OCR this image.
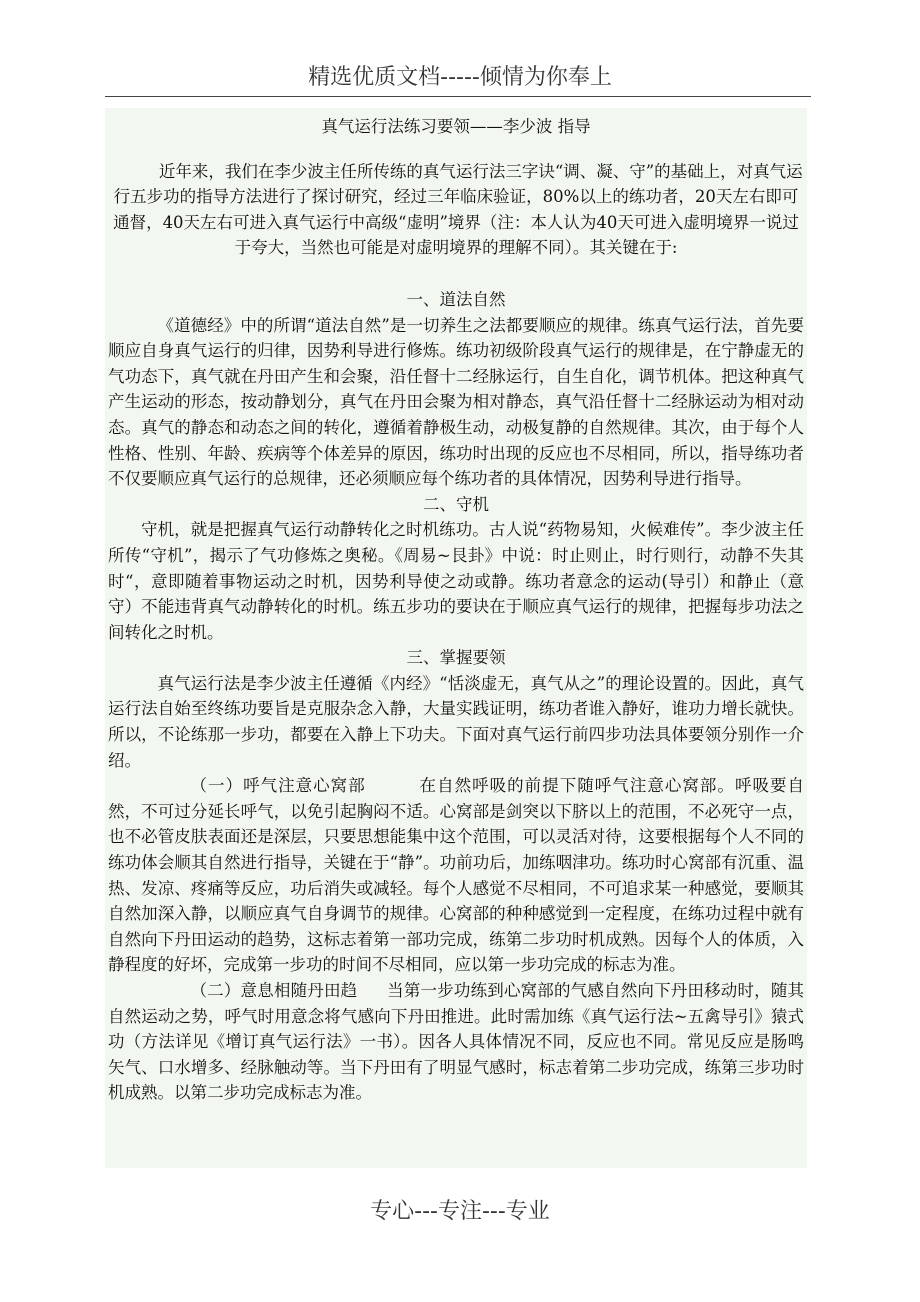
精选优质文档-----倾情为你奉上

真气运行法练习要领——李少波 指导

近年来，我们在李少波主任所传练的真气运行法三字诀“调、凝、守”的基础上，对真气运行五步功的指导方法进行了探讨研究，经过三年临床验证，80%以上的练功者，20天左右即可通督，40天左右可进入真气运行中高级“虚明”境界（注：本人认为40天可进入虚明境界一说过于夸大，当然也可能是对虚明境界的理解不同）。其关键在于:

一、道法自然

《道德经》中的所谓“道法自然”是一切养生之法都要顺应的规律。练真气运行法，首先要顺应自身真气运行的归律，因势利导进行修炼。练功初级阶段真气运行的规律是，在宁静虚无的气功态下，真气就在丹田产生和会聚，沿任督十二经脉运行，自生自化，调节机体。把这种真气产生运动的形态，按动静划分，真气在丹田会聚为相对静态，真气沿任督十二经脉运动为相对动态。真气的静态和动态之间的转化，遵循着静极生动，动极复静的自然规律。其次，由于每个人性格、性别、年龄、疾病等个体差异的原因，练功时出现的反应也不尽相同，所以，指导练功者不仅要顺应真气运行的总规律，还必须顺应每个练功者的具体情况，因势利导进行指导。

二、守机

守机，就是把握真气运行动静转化之时机练功。古人说“药物易知，火候难传”。李少波主任所传“守机”，揭示了气功修炼之奥秘。《周易~艮卦》中说：时止则止，时行则行，动静不失其时“，意即随着事物运动之时机，因势利导使之动或静。练功者意念的运动(导引）和静止（意守）不能违背真气动静转化的时机。练五步功的要诀在于顺应真气运行的规律，把握每步功法之间转化之时机。

三、掌握要领

真气运行法是李少波主任遵循《内经》“恬淡虚无，真气从之”的理论设置的。因此，真气运行法自始至终练功要旨是克服杂念入静，大量实践证明，练功者谁入静好，谁功力增长就快。所以，不论练那一步功，都要在入静上下功夫。下面对真气运行前四步功法具体要领分别作一介绍。

（一）呼气注意心窝部	在自然呼吸的前提下随呼气注意心窝部。呼吸要自然，不可过分延长呼气，以免引起胸闷不适。心窝部是剑突以下脐以上的范围，不必死守一点，也不必管皮肤表面还是深层，只要思想能集中这个范围，可以灵活对待，这要根据每个人不同的练功体会顺其自然进行指导，关键在于“静”。功前功后，加练咽津功。练功时心窝部有沉重、温热、发凉、疼痛等反应，功后消失或减轻。每个人感觉不尽相同，不可追求某一种感觉，要顺其自然加深入静，以顺应真气自身调节的规律。心窝部的种种感觉到一定程度，在练功过程中就有自然向下丹田运动的趋势，这标志着第一部功完成，练第二步功时机成熟。因每个人的体质，入静程度的好坏，完成第一步功的时间不尽相同，应以第一步功完成的标志为准。

（二）意息相随丹田趋 当第一步功练到心窝部的气感自然向下丹田移动时，随其自然运动之势，呼气时用意念将气感向下丹田推进。此时需加练《真气运行法~五禽导引》猿式功（方法详见《增订真气运行法》一书）。因各人具体情况不同，反应也不同。常见反应是肠鸣矢气、口水增多、经脉触动等。当下丹田有了明显气感时，标志着第二步功完成，练第三步功时机成熟。以第二步功完成标志为准。

专心---专注---专业
